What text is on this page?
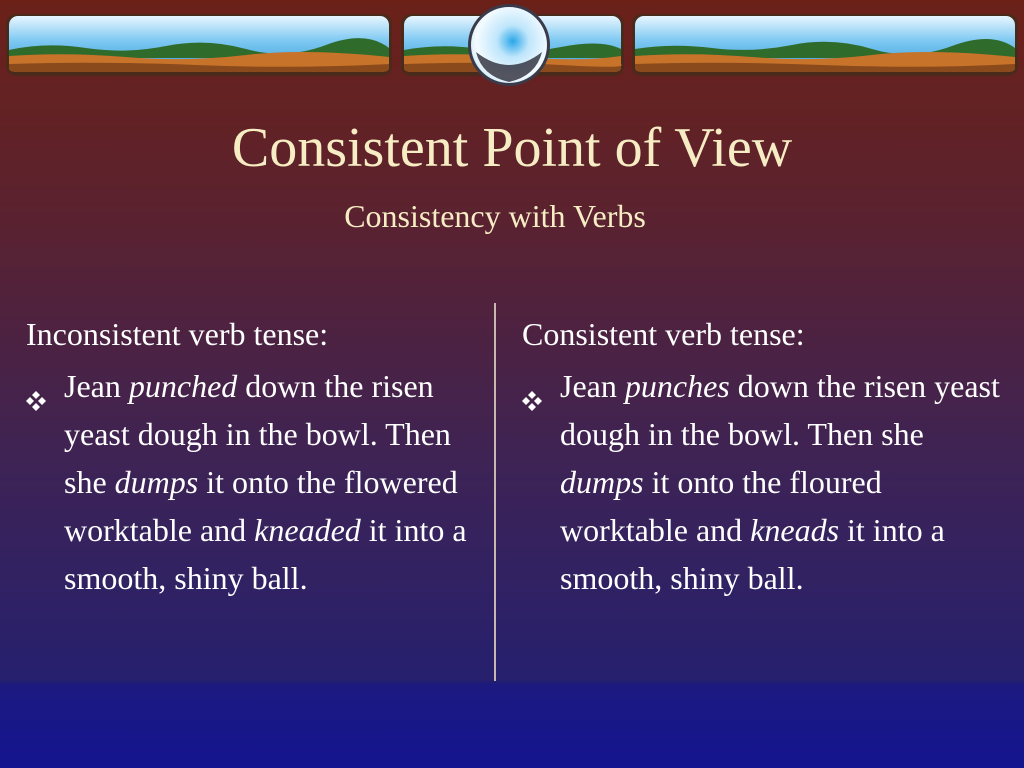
Consistent Point of View
Consistency with Verbs
Inconsistent verb tense:
Jean punched down the risen yeast dough in the bowl. Then she dumps it onto the flowered worktable and kneaded it into a smooth, shiny ball.
Consistent verb tense:
Jean punches down the risen yeast dough in the bowl. Then she dumps it onto the floured worktable and kneads it into a smooth, shiny ball.
